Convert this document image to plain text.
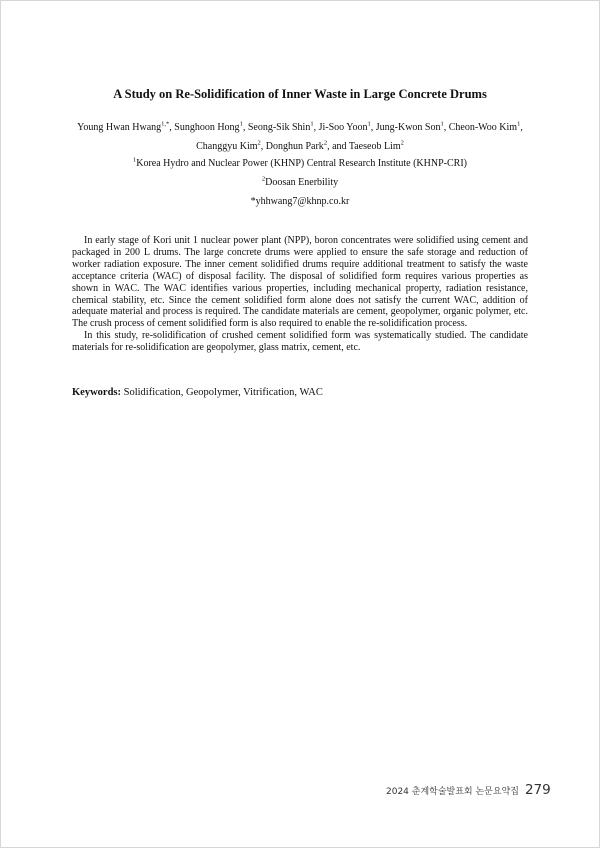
A Study on Re-Solidification of Inner Waste in Large Concrete Drums
Young Hwan Hwang$^{1,*}$, Sunghoon Hong$^1$, Seong-Sik Shin$^1$, Ji-Soo Yoon$^1$, Jung-Kwon Son$^1$, Cheon-Woo Kim$^1$,
Changgyu Kim$^2$, Donghun Park$^2$, and Taeseob Lim$^2$
$^1$Korea Hydro and Nuclear Power (KHNP) Central Research Institute (KHNP-CRI)
$^2$Doosan Enerbility
*yhhwang7@khnp.co.kr

In early stage of Kori unit 1 nuclear power plant (NPP), boron concentrates were solidified using cement and packaged in 200 L drums. The large concrete drums were applied to ensure the safe storage and reduction of worker radiation exposure. The inner cement solidified drums require additional treatment to satisfy the waste acceptance criteria (WAC) of disposal facility. The disposal of solidified form requires various properties as shown in WAC. The WAC identifies various properties, including mechanical property, radiation resistance, chemical stability, etc. Since the cement solidified form alone does not satisfy the current WAC, addition of adequate material and process is required. The candidate materials are cement, geopolymer, organic polymer, etc. The crush process of cement solidified form is also required to enable the re-solidification process.

In this study, re-solidification of crushed cement solidified form was systematically studied. The candidate materials for re-solidification are geopolymer, glass matrix, cement, etc.

Keywords: Solidification, Geopolymer, Vitrification, WAC
2024 춘계학술발표회 논문요약집 279
